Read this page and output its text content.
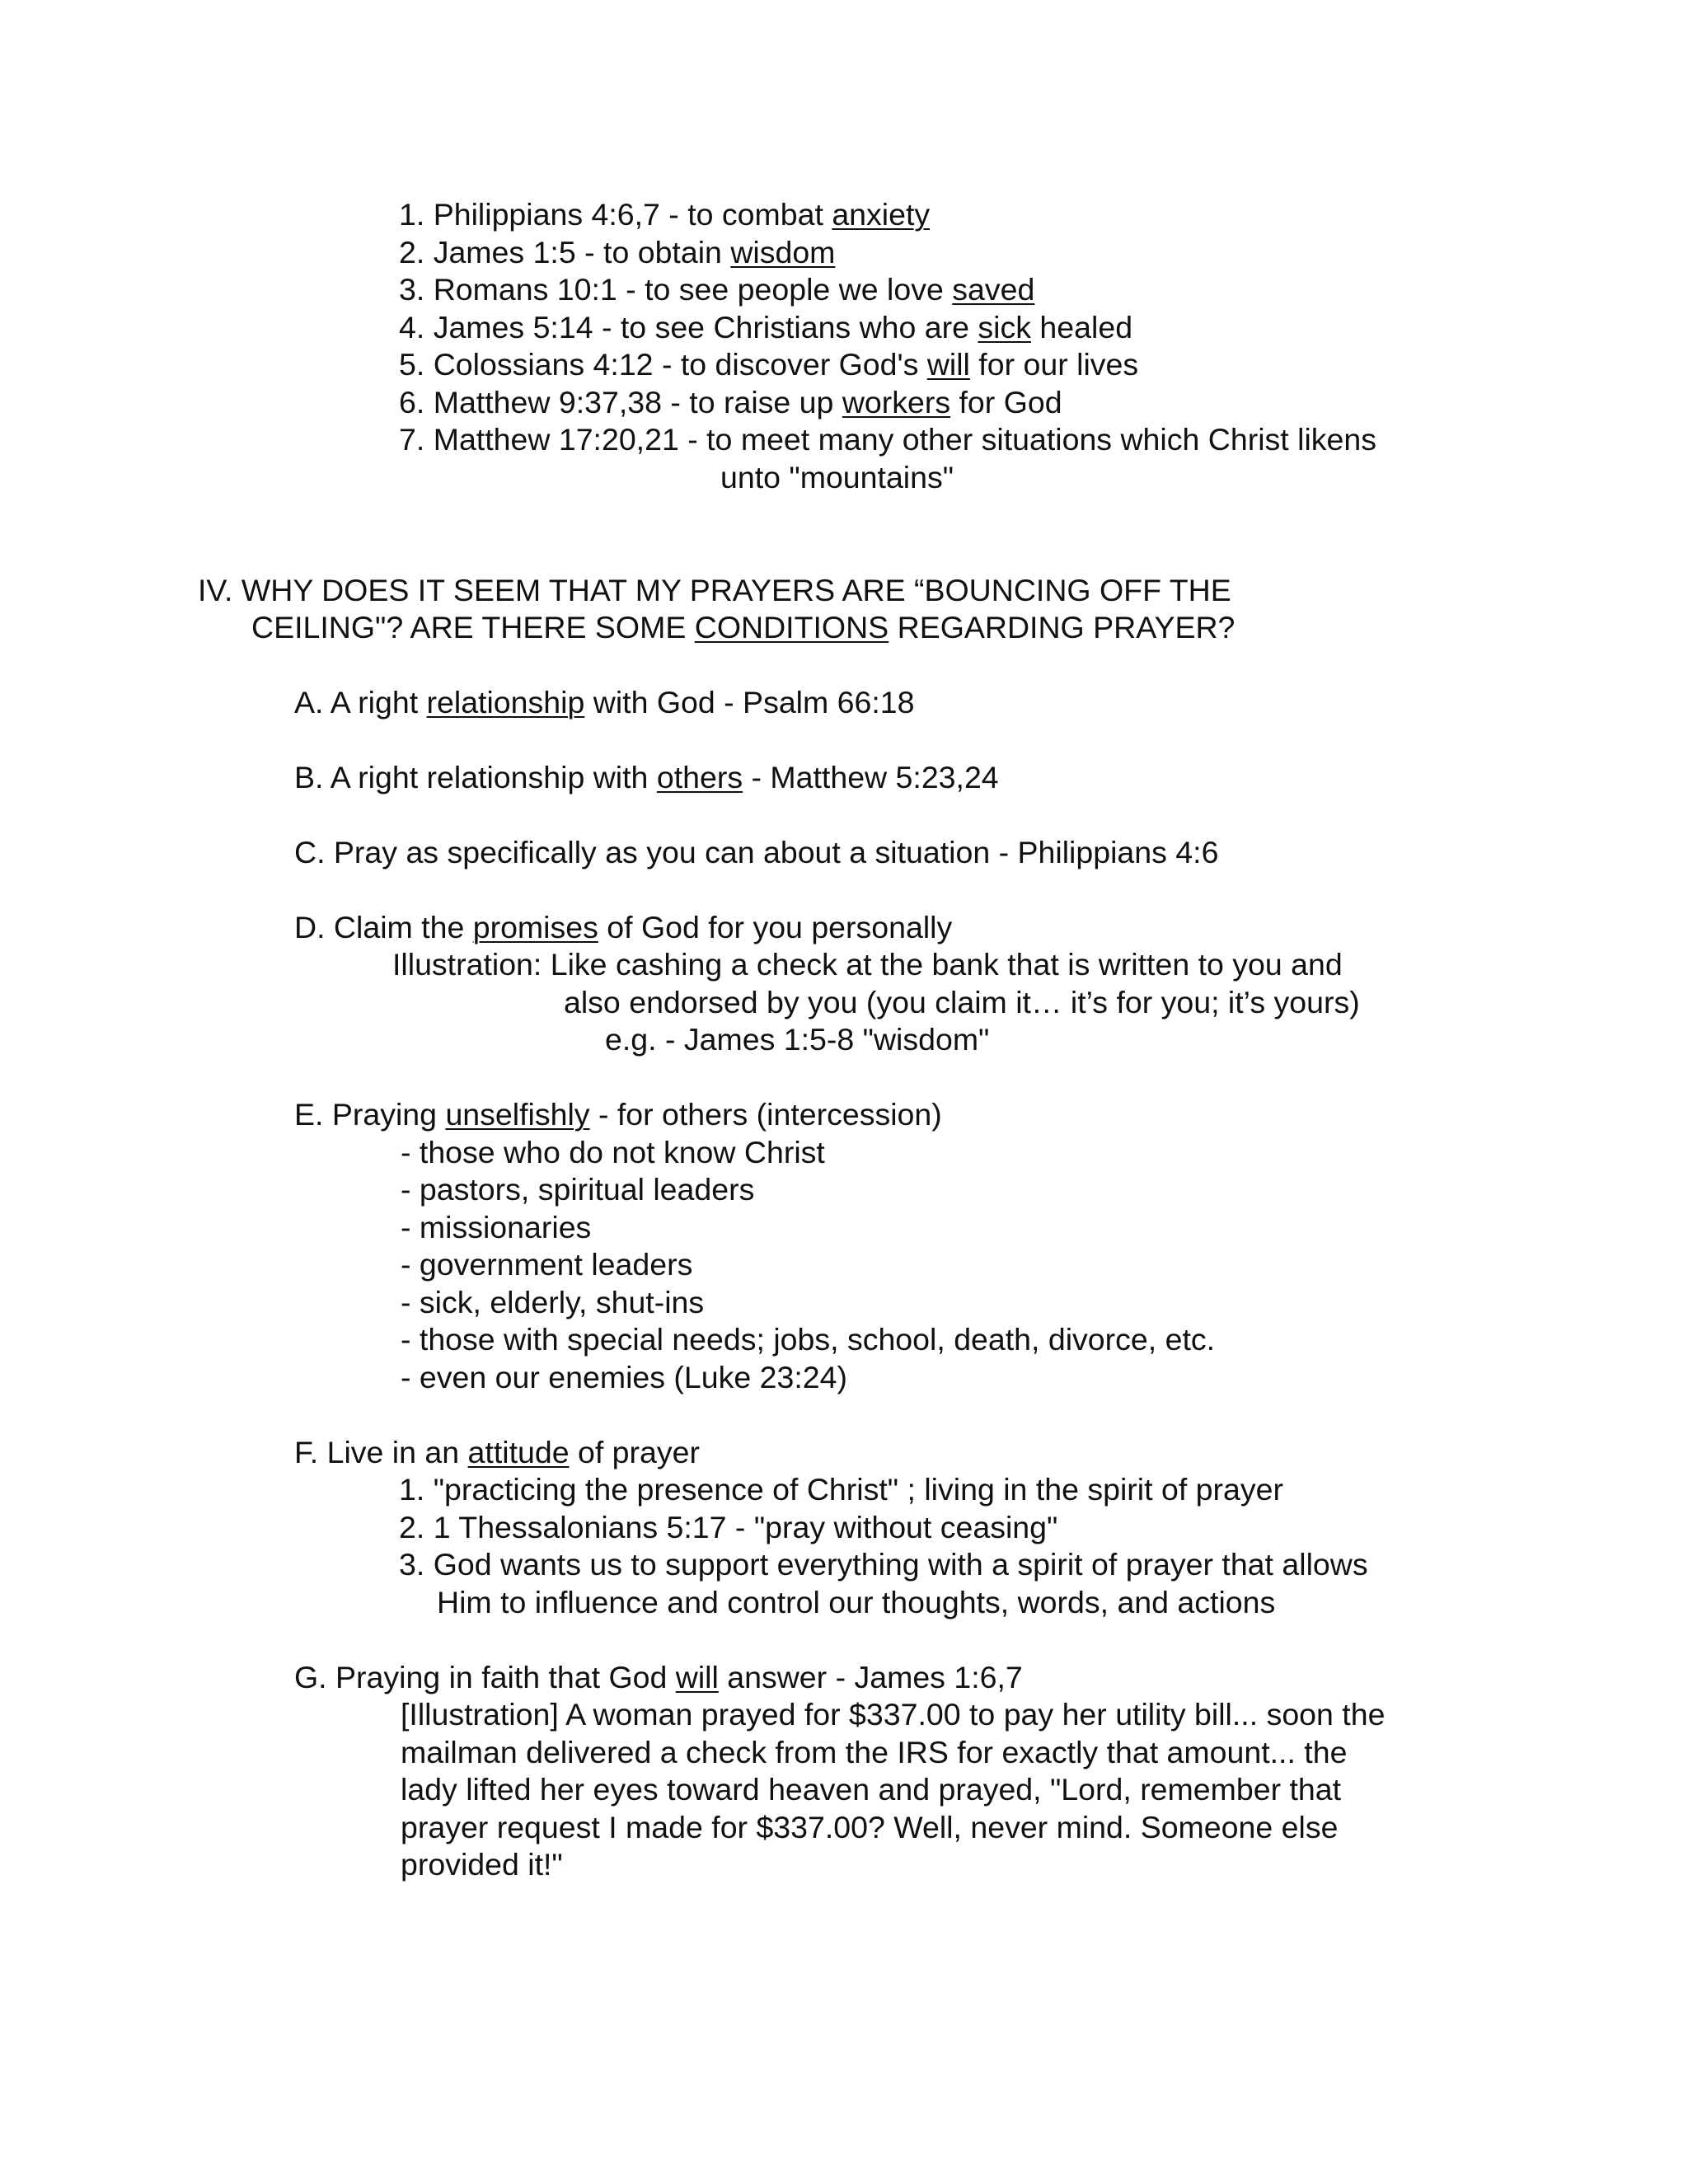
1. Philippians 4:6,7 - to combat anxiety
2. James 1:5 - to obtain wisdom
3. Romans 10:1 - to see people we love saved
4. James 5:14 - to see Christians who are sick healed
5. Colossians 4:12 - to discover God's will for our lives
6. Matthew 9:37,38 - to raise up workers for God
7. Matthew 17:20,21 - to meet many other situations which Christ likens
unto "mountains"
IV. WHY DOES IT SEEM THAT MY PRAYERS ARE “BOUNCING OFF THE
CEILING"? ARE THERE SOME CONDITIONS REGARDING PRAYER?
A. A right relationship with God - Psalm 66:18
B. A right relationship with others - Matthew 5:23,24
C. Pray as specifically as you can about a situation - Philippians 4:6
D. Claim the promises of God for you personally
Illustration: Like cashing a check at the bank that is written to you and
also endorsed by you (you claim it… it’s for you; it’s yours)
e.g. - James 1:5-8 "wisdom"
E. Praying unselfishly - for others (intercession)
- those who do not know Christ
- pastors, spiritual leaders
- missionaries
- government leaders
- sick, elderly, shut-ins
- those with special needs; jobs, school, death, divorce, etc.
- even our enemies (Luke 23:24)
F. Live in an attitude of prayer
1. "practicing the presence of Christ" ; living in the spirit of prayer
2. 1 Thessalonians 5:17 - "pray without ceasing"
3. God wants us to support everything with a spirit of prayer that allows
Him to influence and control our thoughts, words, and actions
G. Praying in faith that God will answer - James 1:6,7
[Illustration] A woman prayed for $337.00 to pay her utility bill... soon the
mailman delivered a check from the IRS for exactly that amount... the
lady lifted her eyes toward heaven and prayed, "Lord, remember that
prayer request I made for $337.00? Well, never mind. Someone else
provided it!"
